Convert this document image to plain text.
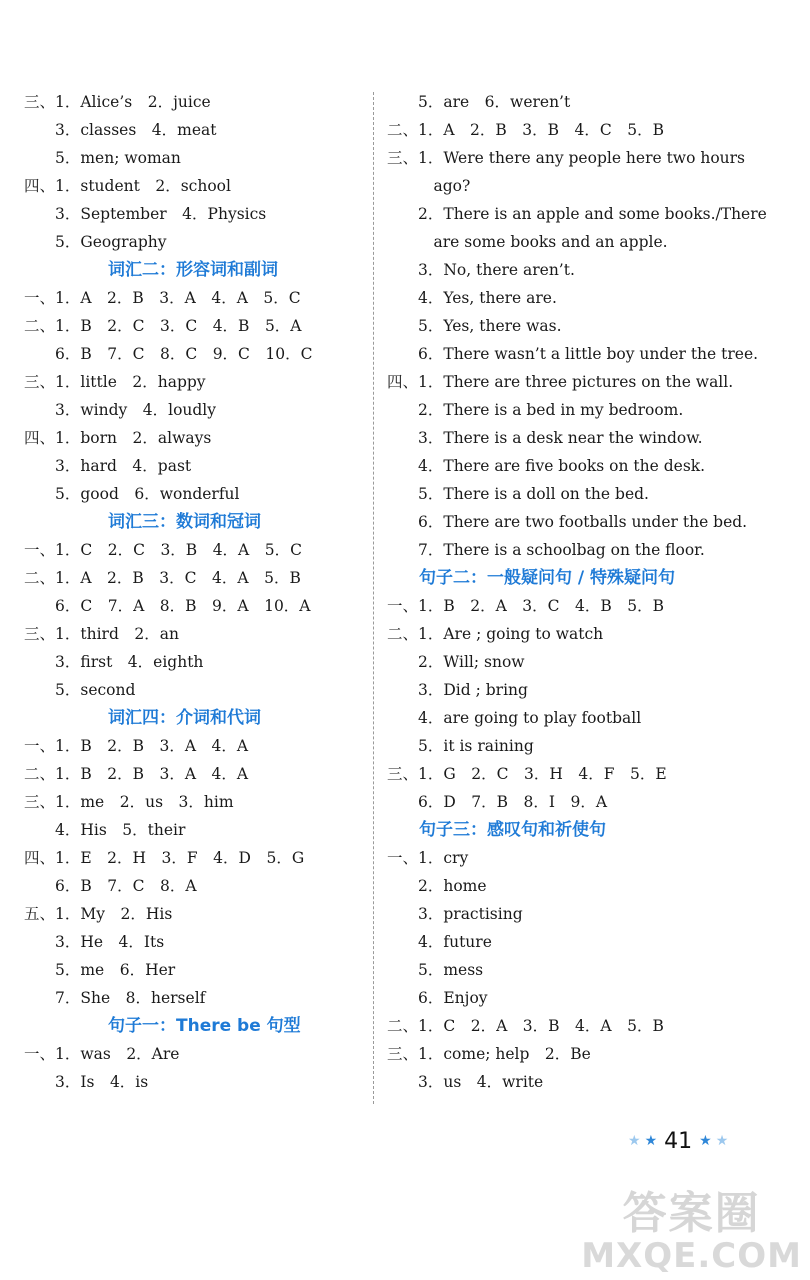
三、1．Alice’s　2．juice
　　3．classes　4．meat
　　5．men; woman
四、1．student　2．school
　　3．September　4．Physics
　　5．Geography
词汇二：形容词和副词
一、1．A　2．B　3．A　4．A　5．C
二、1．B　2．C　3．C　4．B　5．A
　　6．B　7．C　8．C　9．C　10．C
三、1．little　2．happy
　　3．windy　4．loudly
四、1．born　2．always
　　3．hard　4．past
　　5．good　6．wonderful
词汇三：数词和冠词
一、1．C　2．C　3．B　4．A　5．C
二、1．A　2．B　3．C　4．A　5．B
　　6．C　7．A　8．B　9．A　10．A
三、1．third　2．an
　　3．first　4．eighth
　　5．second
词汇四：介词和代词
一、1．B　2．B　3．A　4．A
二、1．B　2．B　3．A　4．A
三、1．me　2．us　3．him
　　4．His　5．their
四、1．E　2．H　3．F　4．D　5．G
　　6．B　7．C　8．A
五、1．My　2．His
　　3．He　4．Its
　　5．me　6．Her
　　7．She　8．herself
句子一：There be 句型
一、1．was　2．Are
　　3．Is　4．is
　　5．are　6．weren’t
二、1．A　2．B　3．B　4．C　5．B
三、1．Were there any people here two hours
　　　ago?
　　2．There is an apple and some books./There
　　　are some books and an apple.
　　3．No, there aren’t.
　　4．Yes, there are.
　　5．Yes, there was.
　　6．There wasn’t a little boy under the tree.
四、1．There are three pictures on the wall.
　　2．There is a bed in my bedroom.
　　3．There is a desk near the window.
　　4．There are five books on the desk.
　　5．There is a doll on the bed.
　　6．There are two footballs under the bed.
　　7．There is a schoolbag on the floor.
句子二：一般疑问句 / 特殊疑问句
一、1．B　2．A　3．C　4．B　5．B
二、1．Are ; going to watch
　　2．Will; snow
　　3．Did ; bring
　　4．are going to play football
　　5．it is raining
三、1．G　2．C　3．H　4．F　5．E
　　6．D　7．B　8．I　9．A
句子三：感叹句和祈使句
一、1．cry
　　2．home
　　3．practising
　　4．future
　　5．mess
　　6．Enjoy
二、1．C　2．A　3．B　4．A　5．B
三、1．come; help　2．Be
　　3．us　4．write
★ ★ 41 ★ ★
答案圈
MXQE.COM
